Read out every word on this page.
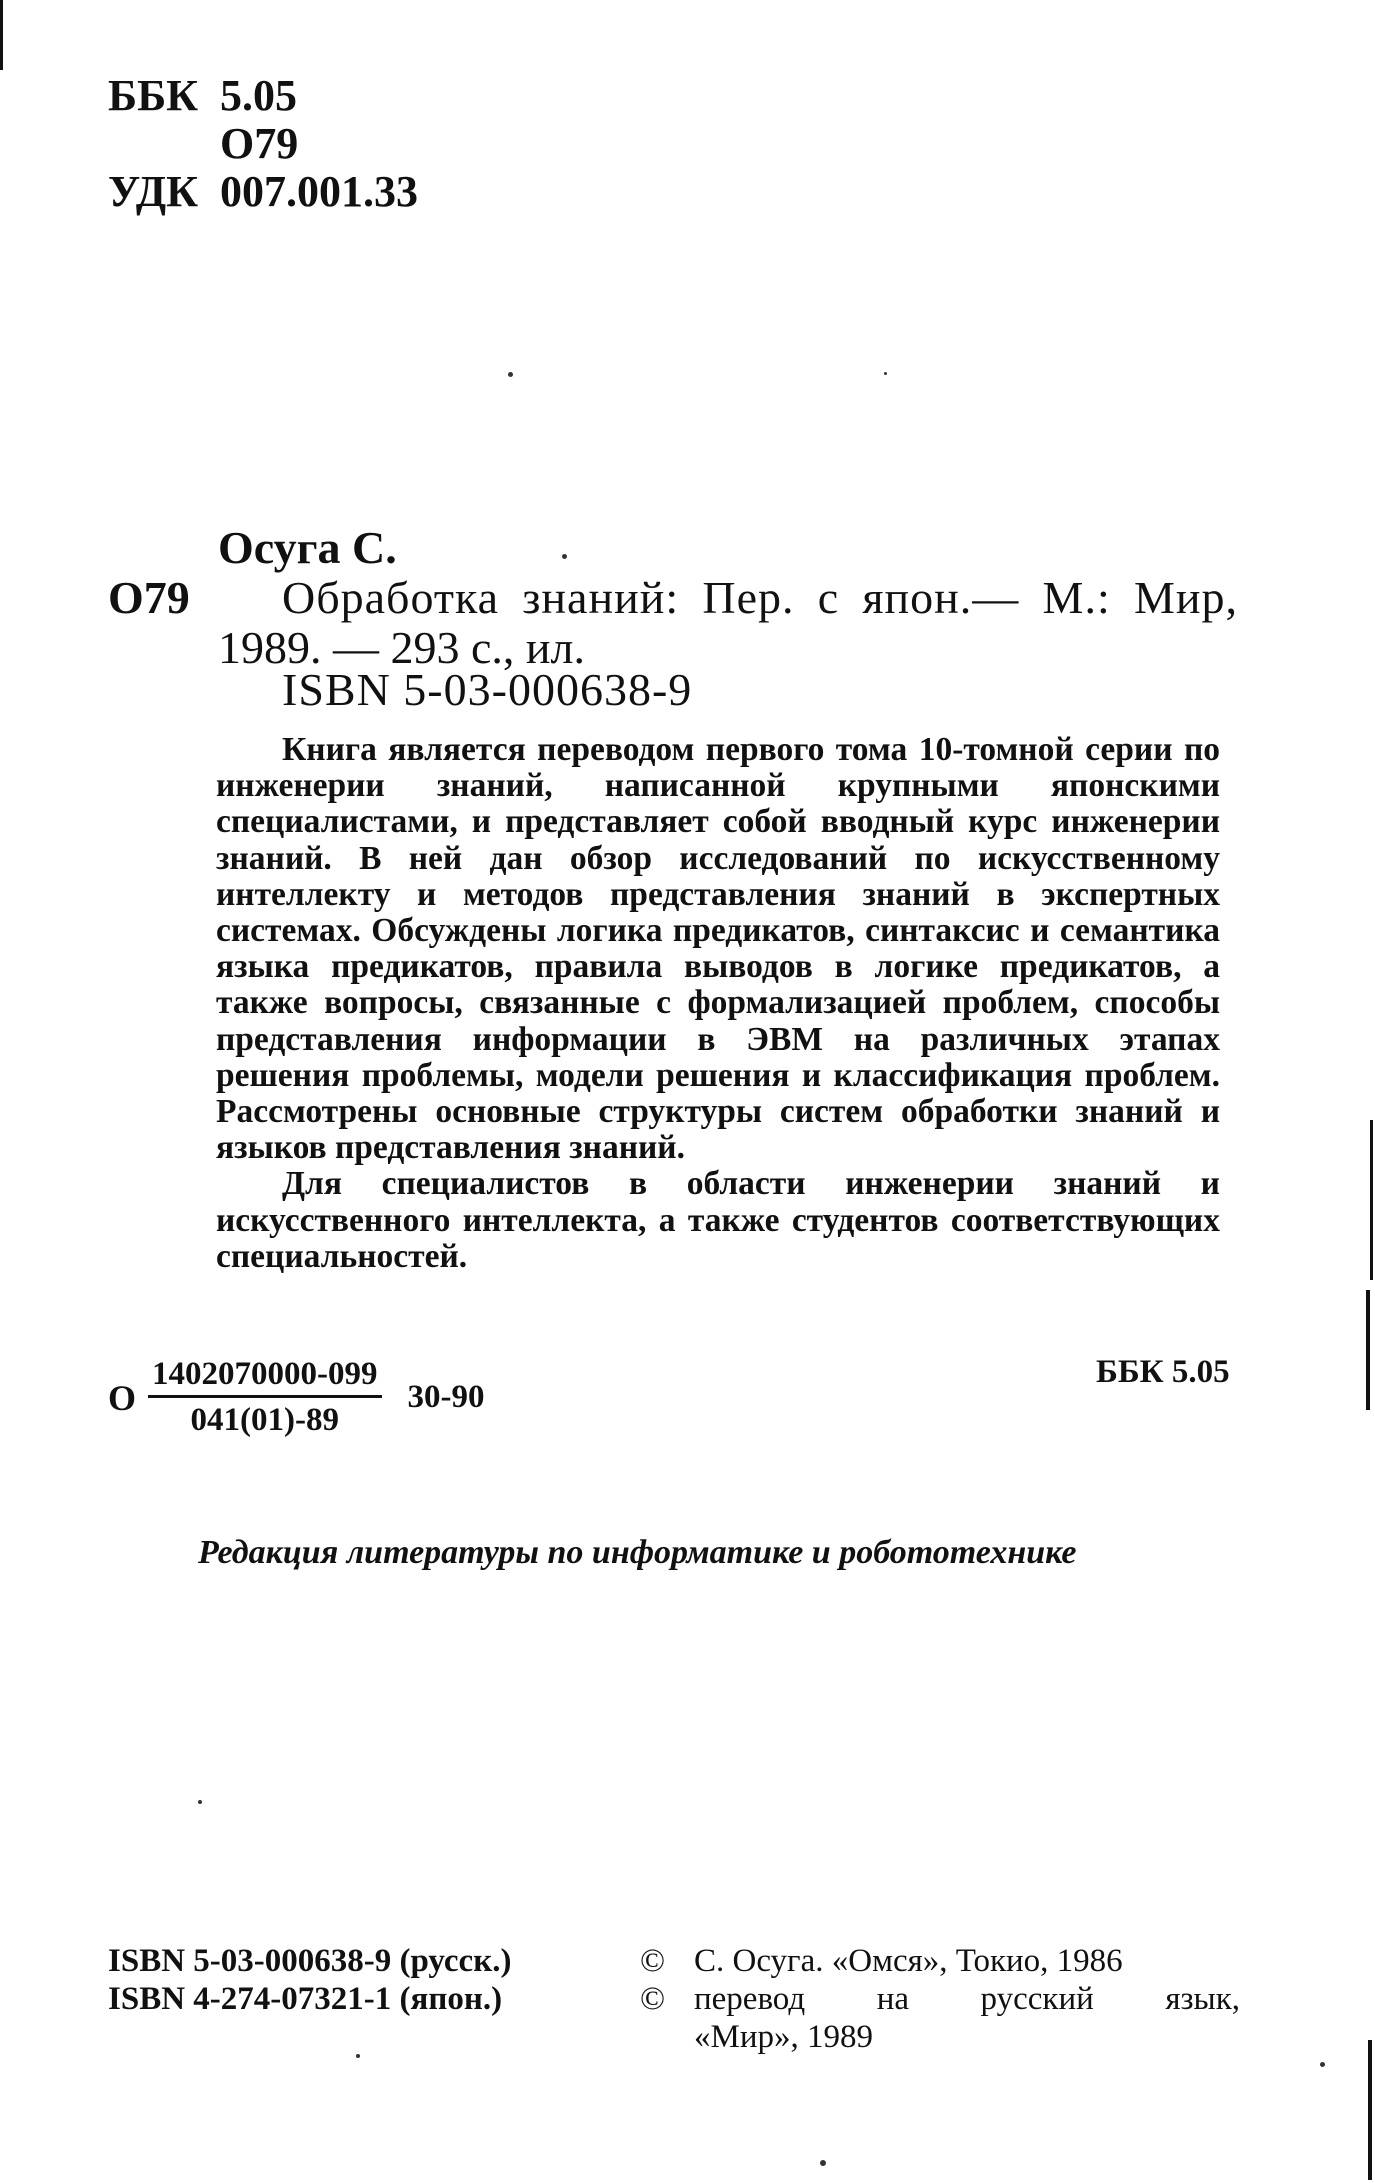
ББК 5.05
О79
УДК 007.001.33
Осуга С.
О79 Обработка знаний: Пер. с япон.— М.: Мир,
1989. — 293 с., ил.
ISBN 5-03-000638-9

Книга является переводом первого тома 10-томной серии по инженерии знаний, написанной крупными японскими специалистами, и представляет собой вводный курс инженерии знаний. В ней дан обзор исследований по искусственному интеллекту и методов представления знаний в экспертных системах. Обсуждены логика предикатов, синтаксис и семантика языка предикатов, правила выводов в логике предикатов, а также вопросы, связанные с формализацией проблем, способы представления информации в ЭВМ на различных этапах решения проблемы, модели решения и классификация проблем. Рассмотрены основные структуры систем обработки знаний и языков представления знаний.

Для специалистов в области инженерии знаний и искусственного интеллекта, а также студентов соответствующих специальностей.

О $\frac{1402070000-099}{041(01)-89} 30-90$
ББК 5.05
Редакция литературы по информатике и робототехнике
ISBN 5-03-000638-9 (русск.)
ISBN 4-274-07321-1 (япон.)
© С. Осуга. «Омся», Токио, 1986
© перевод на русский язык,
«Мир», 1989
